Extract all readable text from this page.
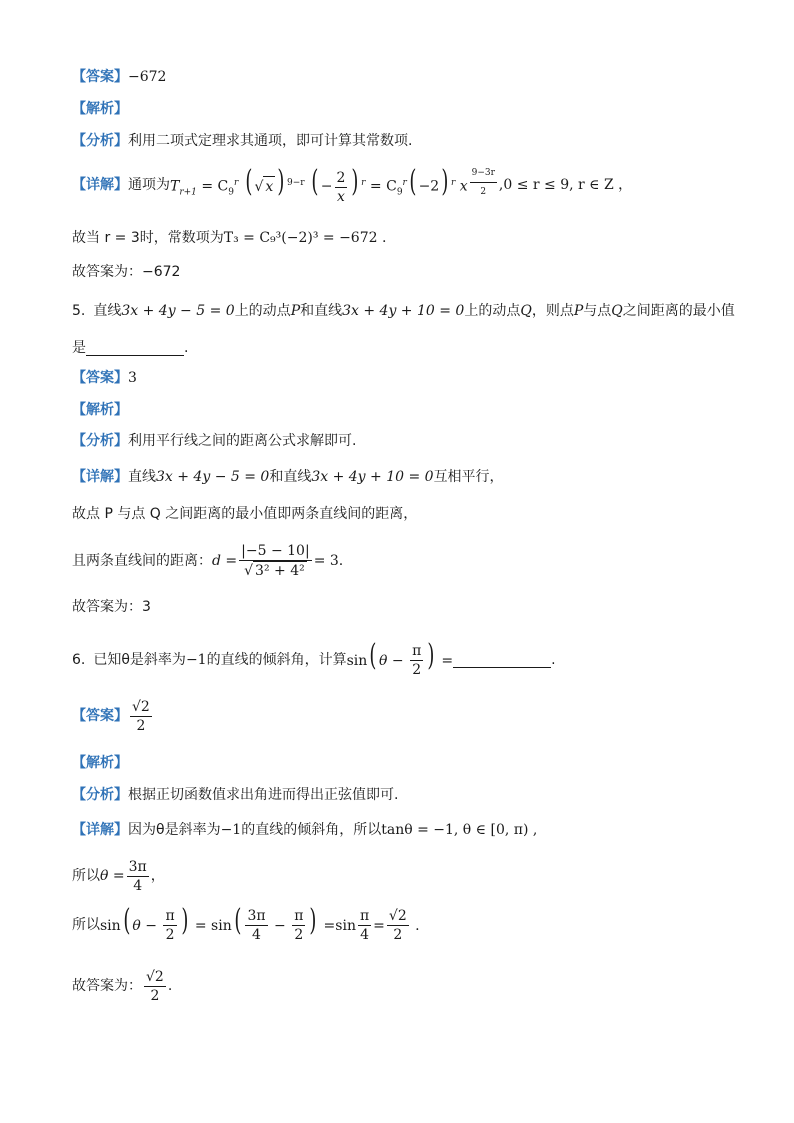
【答案】 −672
【解析】
【分析】 利用二项式定理求其通项，即可计算其常数项.
【详解】 通项为 $T_{r+1} = C_9^r$ ( √ x ) $^{9-r}$ ( − $\frac{2}{x}$ ) $^r = C_9^r( -2)$ $^r$ x $^{\frac{9-3r}{2}}$ ,0 ≤ r ≤ 9, r ∈ Z ，
故当 r = 3时，常数项为 T₃ = C₉³(−2)³ = −672 .
故答案为：−672
5. 直线 3x + 4y − 5 = 0 上的动点 P 和直线 3x + 4y + 10 = 0 上的动点 Q ，则点 P 与点 Q 之间距离的最小值
是	.
【答案】 3
【解析】
【分析】 利用平行线之间的距离公式求解即可.
【详解】 直线 3x + 4y − 5 = 0 和直线 3x + 4y + 10 = 0 互相平行，
故点 P 与点 Q 之间距离的最小值即两条直线间的距离，
且两条直线间的距离： $d = \frac{|-5 - 10|}{\text{√ 3² + 4²}} = 3$.
故答案为：3
6. 已知θ是斜率为 −1 的直线的倾斜角，计算 sin( $\theta - \frac{\pi}{2}$ ) =	.
【答案】 $\frac{√2}{2}$
【解析】
【分析】 根据正切函数值求出角进而得出正弦值即可.
【详解】 因为θ是斜率为 −1 的直线的倾斜角，所以 tanθ = −1, θ ∈ [0, π) ,
所以 $\theta = \frac{3\pi}{4}$ ，
所以 sin( $\theta - \frac{\pi}{2}$ ) = $\sin( \frac{3\pi}{4} - \frac{\pi}{2}$ ) $=\sin \frac{\pi}{4} = \frac{√2}{2}$ .
故答案为： $\frac{√2}{2}$ .
